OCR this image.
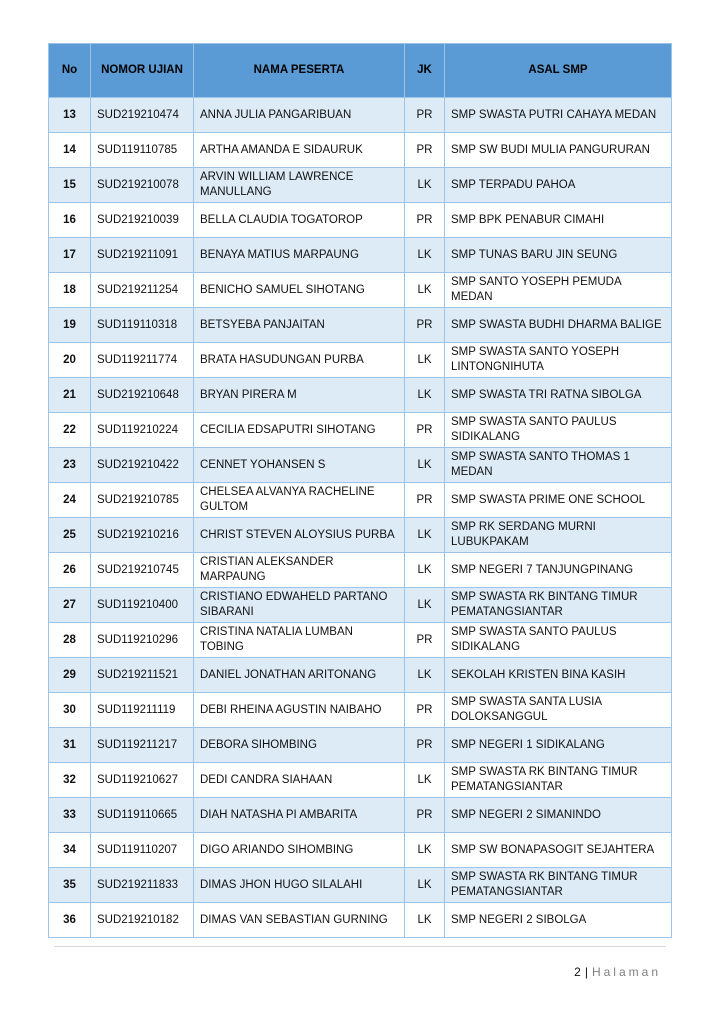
No	NOMOR UJIAN	NAMA PESERTA	JK	ASAL SMP
13	SUD219210474	ANNA JULIA PANGARIBUAN	PR	SMP SWASTA PUTRI CAHAYA MEDAN
14	SUD119110785	ARTHA AMANDA E SIDAURUK	PR	SMP SW BUDI MULIA PANGURURAN
15	SUD219210078	ARVIN WILLIAM LAWRENCE MANULLANG	LK	SMP TERPADU PAHOA
16	SUD219210039	BELLA CLAUDIA TOGATOROP	PR	SMP BPK PENABUR CIMAHI
17	SUD219211091	BENAYA MATIUS MARPAUNG	LK	SMP TUNAS BARU JIN SEUNG
18	SUD219211254	BENICHO SAMUEL SIHOTANG	LK	SMP SANTO YOSEPH PEMUDA MEDAN
19	SUD119110318	BETSYEBA PANJAITAN	PR	SMP SWASTA BUDHI DHARMA BALIGE
20	SUD119211774	BRATA HASUDUNGAN PURBA	LK	SMP SWASTA SANTO YOSEPH LINTONGNIHUTA
21	SUD219210648	BRYAN PIRERA M	LK	SMP SWASTA TRI RATNA SIBOLGA
22	SUD119210224	CECILIA EDSAPUTRI SIHOTANG	PR	SMP SWASTA SANTO PAULUS SIDIKALANG
23	SUD219210422	CENNET YOHANSEN S	LK	SMP SWASTA SANTO THOMAS 1 MEDAN
24	SUD219210785	CHELSEA ALVANYA RACHELINE GULTOM	PR	SMP SWASTA PRIME ONE SCHOOL
25	SUD219210216	CHRIST STEVEN ALOYSIUS PURBA	LK	SMP RK SERDANG MURNI LUBUKPAKAM
26	SUD219210745	CRISTIAN ALEKSANDER MARPAUNG	LK	SMP NEGERI 7 TANJUNGPINANG
27	SUD119210400	CRISTIANO EDWAHELD PARTANO SIBARANI	LK	SMP SWASTA RK BINTANG TIMUR PEMATANGSIANTAR
28	SUD119210296	CRISTINA NATALIA LUMBAN TOBING	PR	SMP SWASTA SANTO PAULUS SIDIKALANG
29	SUD219211521	DANIEL JONATHAN ARITONANG	LK	SEKOLAH KRISTEN BINA KASIH
30	SUD119211119	DEBI RHEINA AGUSTIN NAIBAHO	PR	SMP SWASTA SANTA LUSIA DOLOKSANGGUL
31	SUD119211217	DEBORA SIHOMBING	PR	SMP NEGERI 1 SIDIKALANG
32	SUD119210627	DEDI CANDRA SIAHAAN	LK	SMP SWASTA RK BINTANG TIMUR PEMATANGSIANTAR
33	SUD119110665	DIAH NATASHA PI AMBARITA	PR	SMP NEGERI 2 SIMANINDO
34	SUD119110207	DIGO ARIANDO SIHOMBING	LK	SMP SW BONAPASOGIT SEJAHTERA
35	SUD219211833	DIMAS JHON HUGO SILALAHI	LK	SMP SWASTA RK BINTANG TIMUR PEMATANGSIANTAR
36	SUD219210182	DIMAS VAN SEBASTIAN GURNING	LK	SMP NEGERI 2 SIBOLGA
2 | Halaman
